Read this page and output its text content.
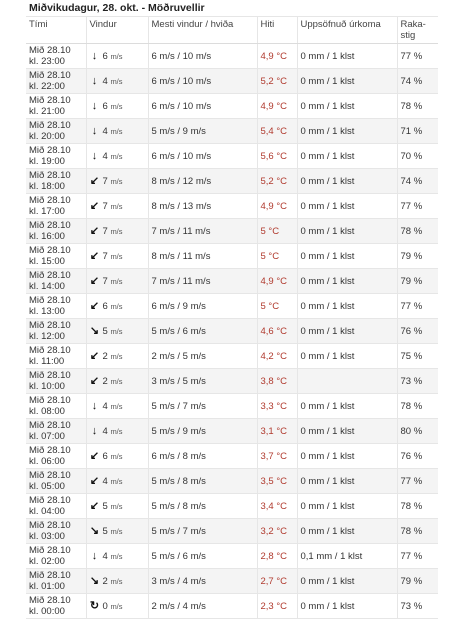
Miðvikudagur, 28. okt. - Möðruvellir
Tími	Vindur	Mesti vindur / hviða	Hiti	Uppsöfnuð úrkoma	Raka-
stig

Mið 28.10
kl. 23:00	↓ 6
m/s	6 m/s / 10 m/s	4,9 °C	0 mm / 1 klst	77 %

Mið 28.10
kl. 22:00	↓ 4
m/s	6 m/s / 10 m/s	5,2 °C	0 mm / 1 klst	74 %

Mið 28.10
kl. 21:00	↓ 6
m/s	6 m/s / 10 m/s	4,9 °C	0 mm / 1 klst	78 %

Mið 28.10
kl. 20:00	↓ 4
m/s	5 m/s / 9 m/s	5,4 °C	0 mm / 1 klst	71 %

Mið 28.10
kl. 19:00	↓ 4
m/s	6 m/s / 10 m/s	5,6 °C	0 mm / 1 klst	70 %

Mið 28.10
kl. 18:00	↙ 7
m/s	8 m/s / 12 m/s	5,2 °C	0 mm / 1 klst	74 %

Mið 28.10
kl. 17:00	↙ 7
m/s	8 m/s / 13 m/s	4,9 °C	0 mm / 1 klst	77 %

Mið 28.10
kl. 16:00	↙ 7
m/s	7 m/s / 11 m/s	5 °C	0 mm / 1 klst	78 %

Mið 28.10
kl. 15:00	↙ 7
m/s	8 m/s / 11 m/s	5 °C	0 mm / 1 klst	79 %

Mið 28.10
kl. 14:00	↙ 7
m/s	7 m/s / 11 m/s	4,9 °C	0 mm / 1 klst	79 %

Mið 28.10
kl. 13:00	↙ 6
m/s	6 m/s / 9 m/s	5 °C	0 mm / 1 klst	77 %

Mið 28.10
kl. 12:00	↘ 5
m/s	5 m/s / 6 m/s	4,6 °C	0 mm / 1 klst	76 %

Mið 28.10
kl. 11:00	↙ 2
m/s	2 m/s / 5 m/s	4,2 °C	0 mm / 1 klst	75 %

Mið 28.10
kl. 10:00	↙ 2
m/s	3 m/s / 5 m/s	3,8 °C		73 %

Mið 28.10
kl. 08:00	↓ 4
m/s	5 m/s / 7 m/s	3,3 °C	0 mm / 1 klst	78 %

Mið 28.10
kl. 07:00	↓ 4
m/s	5 m/s / 9 m/s	3,1 °C	0 mm / 1 klst	80 %

Mið 28.10
kl. 06:00	↙ 6
m/s	6 m/s / 8 m/s	3,7 °C	0 mm / 1 klst	76 %

Mið 28.10
kl. 05:00	↙ 4
m/s	5 m/s / 8 m/s	3,5 °C	0 mm / 1 klst	77 %

Mið 28.10
kl. 04:00	↙ 5
m/s	5 m/s / 8 m/s	3,4 °C	0 mm / 1 klst	78 %

Mið 28.10
kl. 03:00	↘ 5
m/s	5 m/s / 7 m/s	3,2 °C	0 mm / 1 klst	78 %

Mið 28.10
kl. 02:00	↓ 4
m/s	5 m/s / 6 m/s	2,8 °C	0,1 mm / 1 klst	77 %

Mið 28.10
kl. 01:00	↘ 2
m/s	3 m/s / 4 m/s	2,7 °C	0 mm / 1 klst	79 %

Mið 28.10
kl. 00:00	↻ 0
m/s	2 m/s / 4 m/s	2,3 °C	0 mm / 1 klst	73 %
